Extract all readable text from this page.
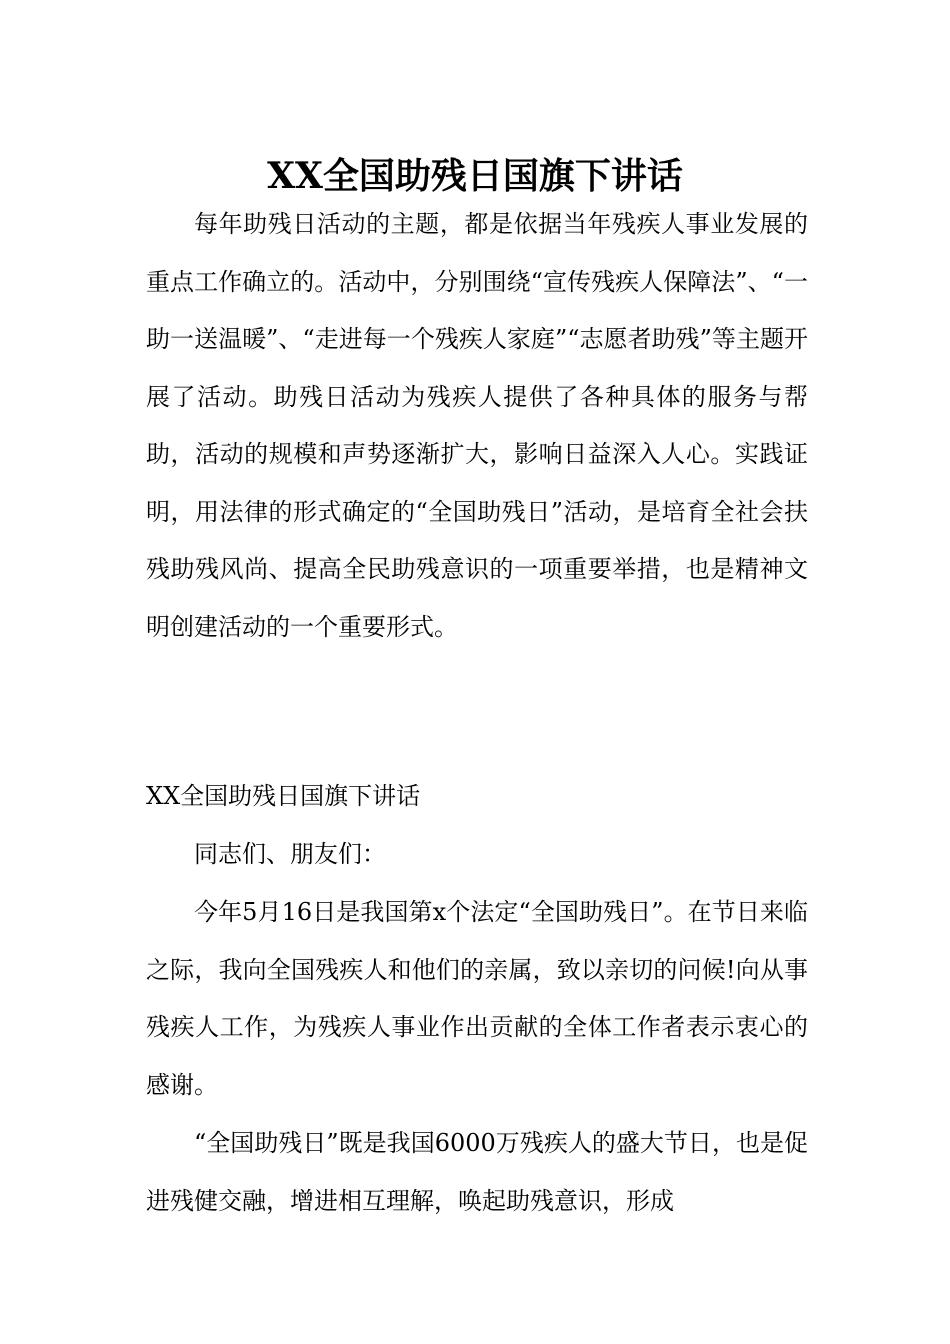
XX全国助残日国旗下讲话

每年助残日活动的主题，都是依据当年残疾人事业发展的重点工作确立的。活动中，分别围绕“宣传残疾人保障法”、“一助一送温暖”、“走进每一个残疾人家庭”“志愿者助残”等主题开展了活动。助残日活动为残疾人提供了各种具体的服务与帮助，活动的规模和声势逐渐扩大，影响日益深入人心。实践证明，用法律的形式确定的“全国助残日”活动，是培育全社会扶残助残风尚、提高全民助残意识的一项重要举措，也是精神文明创建活动的一个重要形式。

XX全国助残日国旗下讲话

同志们、朋友们：

今年5月16日是我国第x个法定“全国助残日”。在节日来临之际，我向全国残疾人和他们的亲属，致以亲切的问候!向从事残疾人工作，为残疾人事业作出贡献的全体工作者表示衷心的感谢。

“全国助残日”既是我国6000万残疾人的盛大节日，也是促进残健交融，增进相互理解，唤起助残意识，形成
